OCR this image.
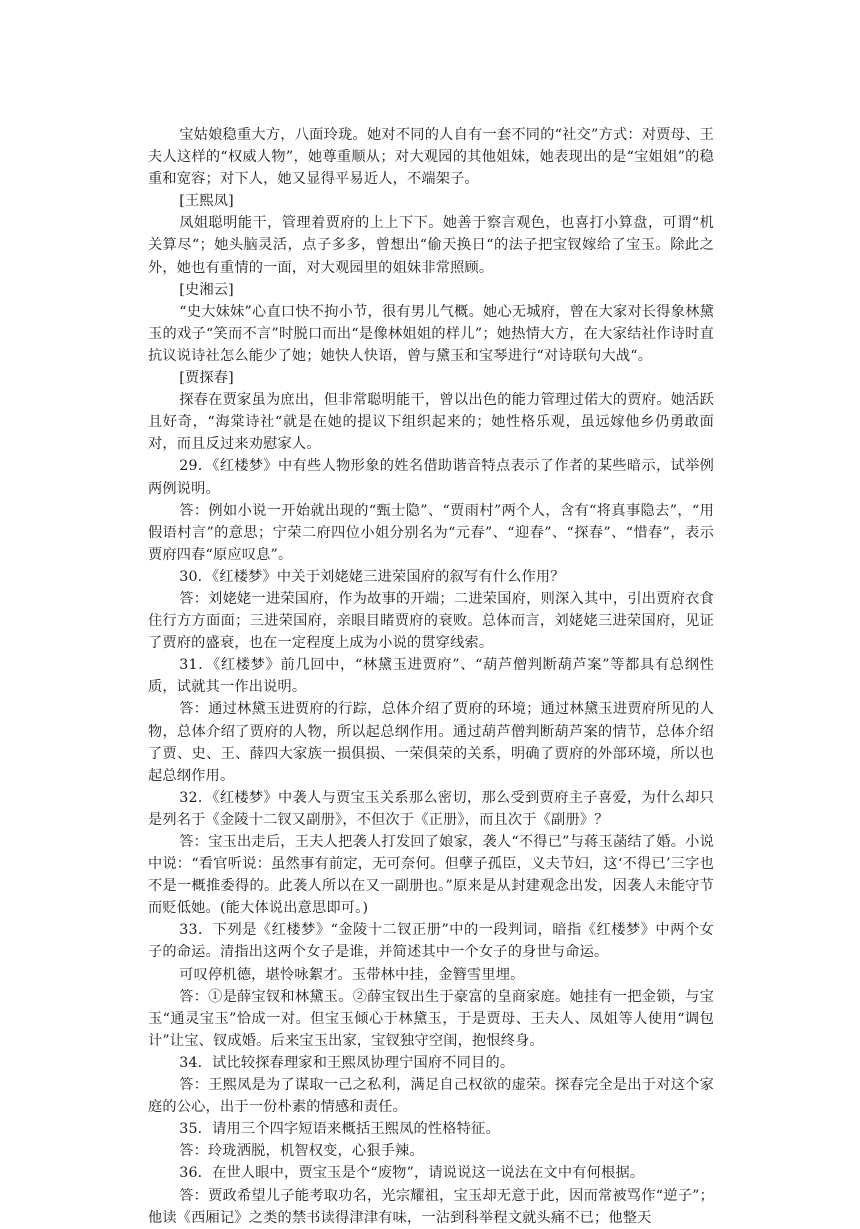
宝姑娘稳重大方，八面玲珑。她对不同的人自有一套不同的“社交”方式：对贾母、王夫人这样的“权威人物”，她尊重顺从；对大观园的其他姐妹，她表现出的是“宝姐姐”的稳重和宽容；对下人，她又显得平易近人，不端架子。

[王熙凤]

凤姐聪明能干，管理着贾府的上上下下。她善于察言观色，也喜打小算盘，可谓“机关算尽“；她头脑灵活，点子多多，曾想出“偷天换日“的法子把宝钗嫁给了宝玉。除此之外，她也有重情的一面，对大观园里的姐妹非常照顾。

[史湘云]

“史大妹妹”心直口快不拘小节，很有男儿气概。她心无城府，曾在大家对长得象林黛玉的戏子“笑而不言”时脱口而出“是像林姐姐的样儿”；她热情大方，在大家结社作诗时直抗议说诗社怎么能少了她；她快人快语，曾与黛玉和宝琴进行“对诗联句大战“。

[贾探春]

探春在贾家虽为庶出，但非常聪明能干，曾以出色的能力管理过偌大的贾府。她活跃且好奇，“海棠诗社“就是在她的提议下组织起来的；她性格乐观，虽远嫁他乡仍勇敢面对，而且反过来劝慰家人。

29．《红楼梦》中有些人物形象的姓名借助谐音特点表示了作者的某些暗示，试举例两例说明。

答：例如小说一开始就出现的“甄士隐”、“贾雨村”两个人，含有“将真事隐去”，“用假语村言”的意思；宁荣二府四位小姐分别名为“元春”、“迎春”、“探春”、“惜春”，表示贾府四春“原应叹息”。

30．《红楼梦》中关于刘姥姥三进荣国府的叙写有什么作用？

答：刘姥姥一进荣国府，作为故事的开端；二进荣国府，则深入其中，引出贾府衣食住行方方面面；三进荣国府，亲眼目睹贾府的衰败。总体而言，刘姥姥三进荣国府，见证了贾府的盛衰，也在一定程度上成为小说的贯穿线索。

31．《红楼梦》前几回中，“林黛玉进贾府”、“葫芦僧判断葫芦案”等都具有总纲性质，试就其一作出说明。

答：通过林黛玉进贾府的行踪，总体介绍了贾府的环境；通过林黛玉进贾府所见的人物，总体介绍了贾府的人物，所以起总纲作用。通过葫芦僧判断葫芦案的情节，总体介绍了贾、史、王、薛四大家族一损俱损、一荣俱荣的关系，明确了贾府的外部环境，所以也起总纲作用。

32．《红楼梦》中袭人与贾宝玉关系那么密切，那么受到贾府主子喜爱，为什么却只是列名于《金陵十二钗又副册》，不但次于《正册》，而且次于《副册》？

答：宝玉出走后，王夫人把袭人打发回了娘家，袭人“不得已”与蒋玉菡结了婚。小说中说：“看官听说：虽然事有前定，无可奈何。但孽子孤臣，义夫节妇，这‘不得已’三字也不是一概推委得的。此袭人所以在又一副册也。”原来是从封建观念出发，因袭人未能守节而贬低她。(能大体说出意思即可。)

33．下列是《红楼梦》“金陵十二钗正册”中的一段判词，暗指《红楼梦》中两个女子的命运。清指出这两个女子是谁，并简述其中一个女子的身世与命运。

可叹停机德，堪怜咏絮才。玉带林中挂，金簪雪里埋。

答：①是薛宝钗和林黛玉。②薛宝钗出生于豪富的皇商家庭。她挂有一把金锁，与宝玉“通灵宝玉”恰成一对。但宝玉倾心于林黛玉，于是贾母、王夫人、凤姐等人使用“调包计”让宝、钗成婚。后来宝玉出家，宝钗独守空闺，抱恨终身。

34．试比较探春理家和王熙凤协理宁国府不同目的。

答：王熙凤是为了谋取一己之私利，满足自己权欲的虚荣。探春完全是出于对这个家庭的公心，出于一份朴素的情感和责任。

35．请用三个四字短语来概括王熙凤的性格特征。

答：玲珑洒脱，机智权变，心狠手辣。

36．在世人眼中，贾宝玉是个“废物”，请说说这一说法在文中有何根据。

答：贾政希望儿子能考取功名，光宗耀祖，宝玉却无意于此，因而常被骂作“逆子”；他读《西厢记》之类的禁书读得津津有味，一沾到科举程文就头痛不已；他整天
